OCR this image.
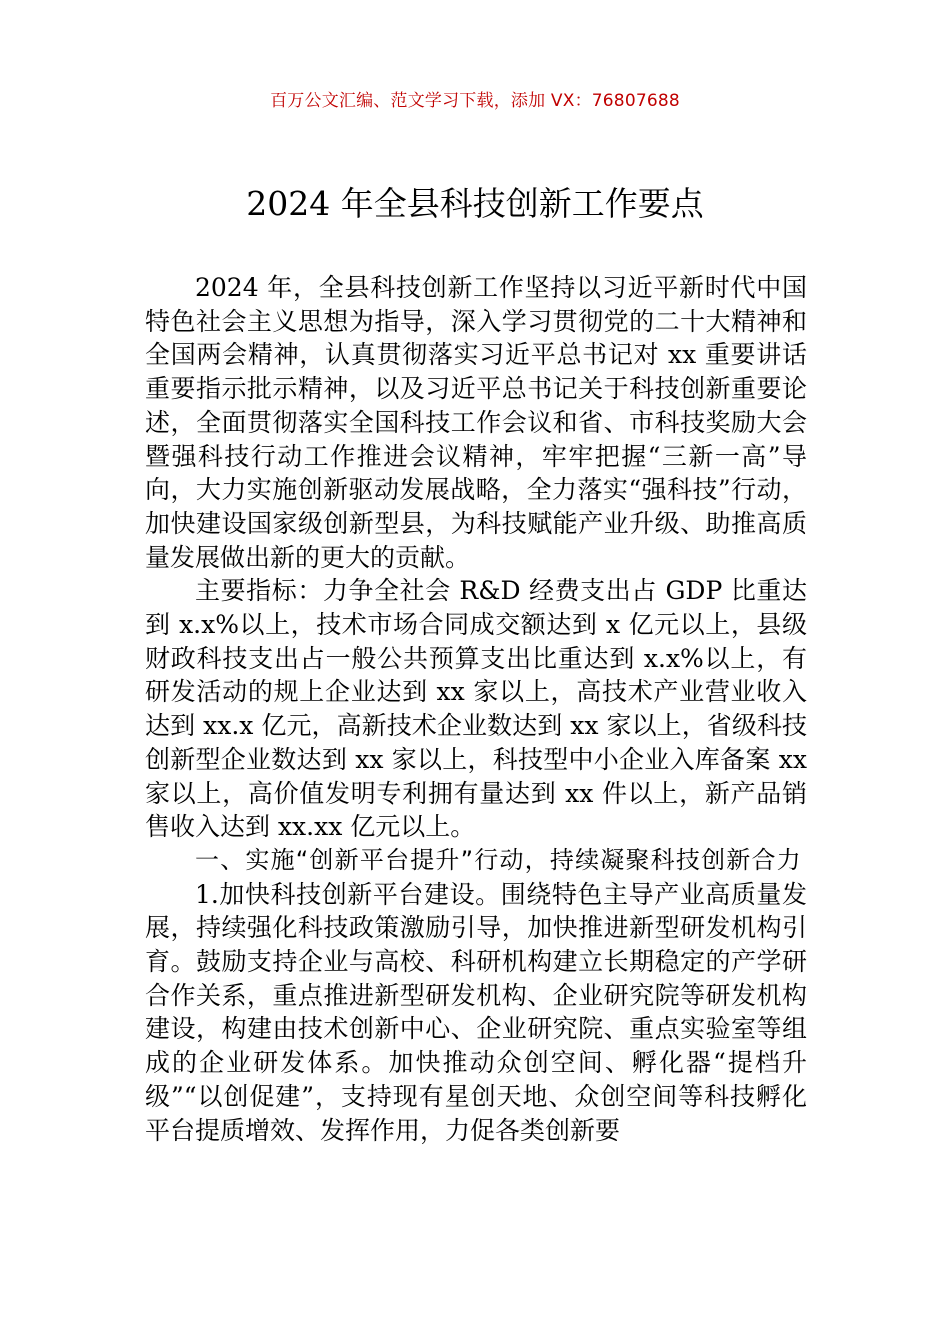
百万公文汇编、范文学习下载，添加 VX：76807688
2024 年全县科技创新工作要点

2024 年，全县科技创新工作坚持以习近平新时代中国特色社会主义思想为指导，深入学习贯彻党的二十大精神和全国两会精神，认真贯彻落实习近平总书记对 xx 重要讲话重要指示批示精神，以及习近平总书记关于科技创新重要论述，全面贯彻落实全国科技工作会议和省、市科技奖励大会暨强科技行动工作推进会议精神，牢牢把握“三新一高”导向，大力实施创新驱动发展战略，全力落实“强科技”行动，加快建设国家级创新型县，为科技赋能产业升级、助推高质量发展做出新的更大的贡献。

主要指标：力争全社会 R&D 经费支出占 GDP 比重达到 x.x%以上，技术市场合同成交额达到 x 亿元以上，县级财政科技支出占一般公共预算支出比重达到 x.x%以上，有研发活动的规上企业达到 xx 家以上，高技术产业营业收入达到 xx.x 亿元，高新技术企业数达到 xx 家以上，省级科技创新型企业数达到 xx 家以上，科技型中小企业入库备案 xx 家以上，高价值发明专利拥有量达到 xx 件以上，新产品销售收入达到 xx.xx 亿元以上。

一、实施“创新平台提升”行动，持续凝聚科技创新合力

1.加快科技创新平台建设。围绕特色主导产业高质量发展，持续强化科技政策激励引导，加快推进新型研发机构引育。鼓励支持企业与高校、科研机构建立长期稳定的产学研合作关系，重点推进新型研发机构、企业研究院等研发机构建设，构建由技术创新中心、企业研究院、重点实验室等组成的企业研发体系。加快推动众创空间、孵化器“提档升级”“以创促建”，支持现有星创天地、众创空间等科技孵化平台提质增效、发挥作用，力促各类创新要
